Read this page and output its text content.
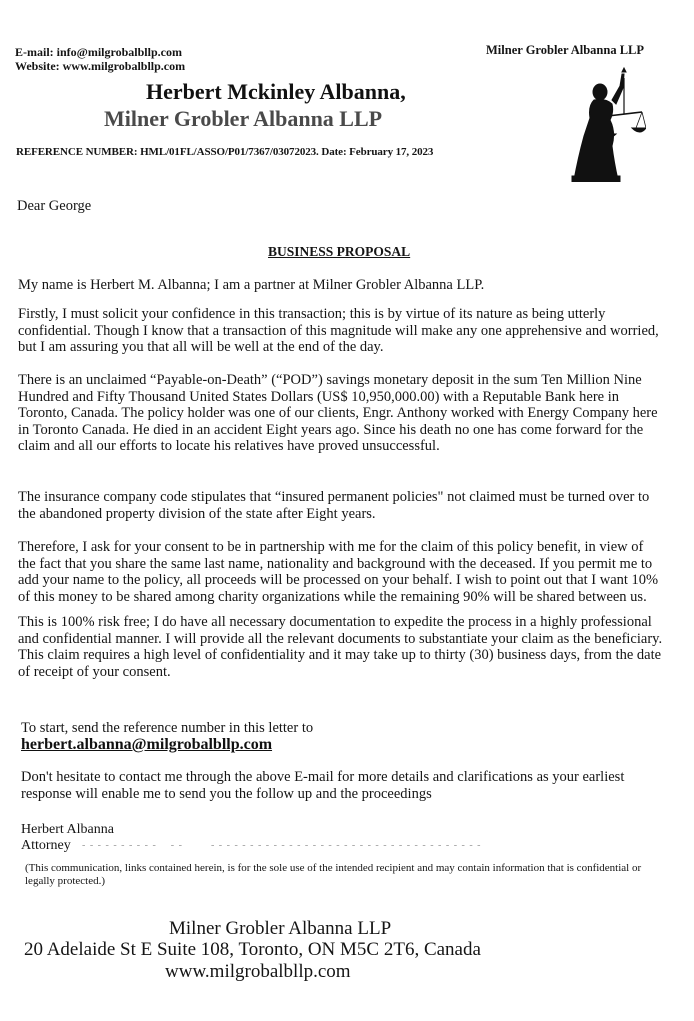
E-mail: info@milgrobalbllp.com
Website: www.milgrobalbllp.com
Milner Grobler Albanna LLP
Herbert Mckinley Albanna,
Milner Grobler Albanna LLP
REFERENCE NUMBER: HML/01FL/ASSO/P01/7367/03072023. Date: February 17, 2023
Dear George
BUSINESS PROPOSAL

My name is Herbert M. Albanna; I am a partner at Milner Grobler Albanna LLP.

Firstly, I must solicit your confidence in this transaction; this is by virtue of its nature as being utterly confidential. Though I know that a transaction of this magnitude will make any one apprehensive and worried, but I am assuring you that all will be well at the end of the day.

There is an unclaimed “Payable-on-Death” (“POD”) savings monetary deposit in the sum Ten Million Nine Hundred and Fifty Thousand United States Dollars (US$ 10,950,000.00) with a Reputable Bank here in Toronto, Canada. The policy holder was one of our clients, Engr. Anthony worked with Energy Company here in Toronto Canada. He died in an accident Eight years ago. Since his death no one has come forward for the claim and all our efforts to locate his relatives have proved unsuccessful.

The insurance company code stipulates that “insured permanent policies" not claimed must be turned over to the abandoned property division of the state after Eight years.

Therefore, I ask for your consent to be in partnership with me for the claim of this policy benefit, in view of the fact that you share the same last name, nationality and background with the deceased. If you permit me to add your name to the policy, all proceeds will be processed on your behalf. I wish to point out that I want 10% of this money to be shared among charity organizations while the remaining 90% will be shared between us.

This is 100% risk free; I do have all necessary documentation to expedite the process in a highly professional and confidential manner. I will provide all the relevant documents to substantiate your claim as the beneficiary. This claim requires a high level of confidentiality and it may take up to thirty (30) business days, from the date of receipt of your consent.

To start, send the reference number in this letter to
herbert.albanna@milgrobalbllp.com

Don't hesitate to contact me through the above E-mail for more details and clarifications as your earliest response will enable me to send you the follow up and the proceedings

Herbert Albanna
Attorney - - - - - - - - - -    - -        - - - - - - - - - - - - - - - - - - - - - - - - - - - - - - - - - - -

(This communication, links contained herein, is for the sole use of the intended recipient and may contain information that is confidential or legally protected.)

Milner Grobler Albanna LLP
20 Adelaide St E Suite 108, Toronto, ON M5C 2T6, Canada
www.milgrobalbllp.com
